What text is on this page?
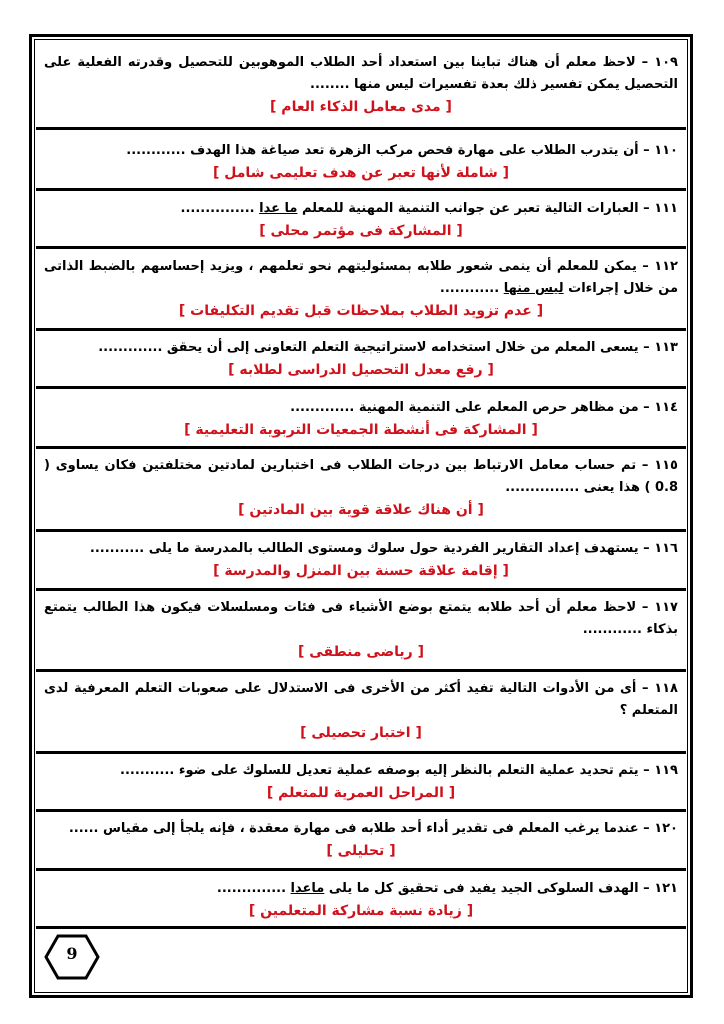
١٠٩ – لاحظ معلم أن هناك تباينا بين استعداد أحد الطلاب الموهوبين للتحصيل وقدرته الفعلية على التحصيل يمكن تفسير ذلك بعدة تفسيرات ليس منها ........
[ مدى معامل الذكاء العام ]
١١٠ – أن يتدرب الطلاب على مهارة فحص مركب الزهرة تعد صياغة هذا الهدف ............
[ شاملة لأنها تعبر عن هدف تعليمى شامل ]
١١١ – العبارات التالية تعبر عن جوانب التنمية المهنية للمعلم ما عدا ...............
[ المشاركة فى مؤتمر محلى ]
١١٢ – يمكن للمعلم أن ينمى شعور طلابه بمسئوليتهم نحو تعلمهم ، ويزيد إحساسهم بالضبط الذاتى من خلال إجراءات ليس منها ............
[ عدم تزويد الطلاب بملاحظات قبل تقديم التكليفات ]
١١٣ – يسعى المعلم من خلال استخدامه لاستراتيجية التعلم التعاونى إلى أن يحقق .............
[ رفع معدل التحصيل الدراسى لطلابه ]
١١٤ – من مظاهر حرص المعلم على التنمية المهنية .............
[ المشاركة فى أنشطة الجمعيات التربوية التعليمية ]
١١٥ – تم حساب معامل الارتباط بين درجات الطلاب فى اختبارين لمادتين مختلفتين فكان يساوى ( 0.8 ) هذا يعنى ...............
[ أن هناك علاقة قوية بين المادتين ]
١١٦ – يستهدف إعداد التقارير الفردية حول سلوك ومستوى الطالب بالمدرسة ما يلى ...........
[ إقامة علاقة حسنة بين المنزل والمدرسة ]
١١٧ – لاحظ معلم أن أحد طلابه يتمتع بوضع الأشياء فى فئات ومسلسلات فيكون هذا الطالب يتمتع بذكاء ............
[ رياضى منطقى ]
١١٨ – أى من الأدوات التالية تفيد أكثر من الأخرى فى الاستدلال على صعوبات التعلم المعرفية لدى المتعلم ؟
[ اختبار تحصيلى ]
١١٩ – يتم تحديد عملية التعلم بالنظر إليه بوصفه عملية تعديل للسلوك على ضوء ...........
[ المراحل العمرية للمتعلم ]
١٢٠ – عندما يرغب المعلم فى تقدير أداء أحد طلابه فى مهارة معقدة ، فإنه يلجأ إلى مقياس ......
[ تحليلى ]
١٢١ – الهدف السلوكى الجيد يفيد فى تحقيق كل ما يلى ماعدا ..............
[ زيادة نسبة مشاركة المتعلمين ]
9
